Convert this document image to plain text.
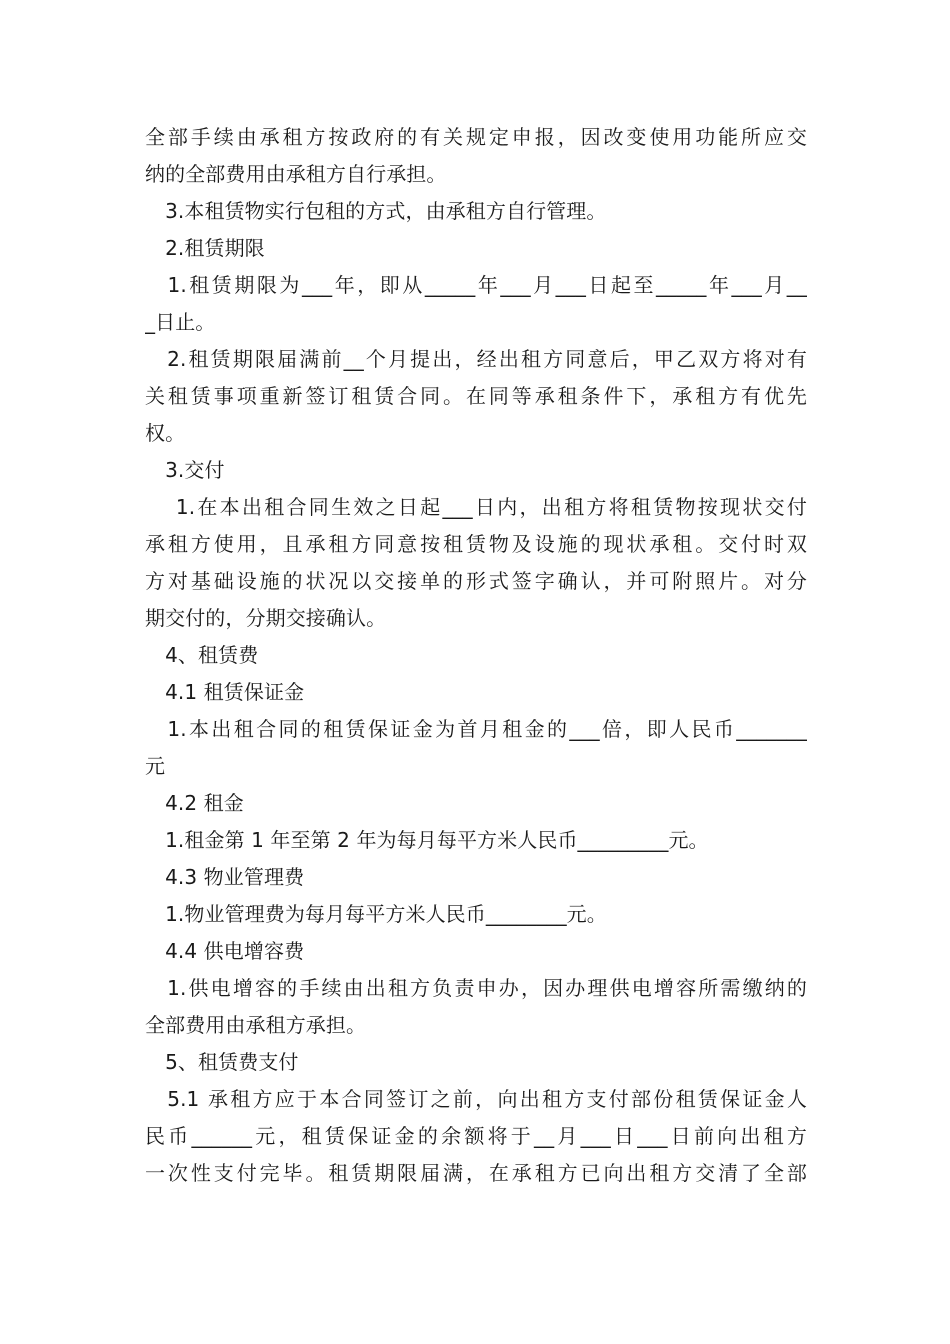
全部手续由承租方按政府的有关规定申报，因改变使用功能所应交
纳的全部费用由承租方自行承担。
　3.本租赁物实行包租的方式，由承租方自行管理。
　2.租赁期限
　1.租赁期限为___年，即从_____年___月___日起至_____年___月__
_日止。
　2.租赁期限届满前__个月提出，经出租方同意后，甲乙双方将对有
关租赁事项重新签订租赁合同。在同等承租条件下，承租方有优先
权。
　3.交付
　 1.在本出租合同生效之日起___日内，出租方将租赁物按现状交付
承租方使用，且承租方同意按租赁物及设施的现状承租。交付时双
方对基础设施的状况以交接单的形式签字确认，并可附照片。对分
期交付的，分期交接确认。
　4、租赁费
　4.1 租赁保证金
　1.本出租合同的租赁保证金为首月租金的___倍，即人民币_______
元
　4.2 租金
　1.租金第 1 年至第 2 年为每月每平方米人民币_________元。
　4.3 物业管理费
　1.物业管理费为每月每平方米人民币________元。
　4.4 供电增容费
　1.供电增容的手续由出租方负责申办，因办理供电增容所需缴纳的
全部费用由承租方承担。
　5、租赁费支付
　5.1 承租方应于本合同签订之前，向出租方支付部份租赁保证金人
民币______元，租赁保证金的余额将于__月___日___日前向出租方
一次性支付完毕。租赁期限届满，在承租方已向出租方交清了全部
